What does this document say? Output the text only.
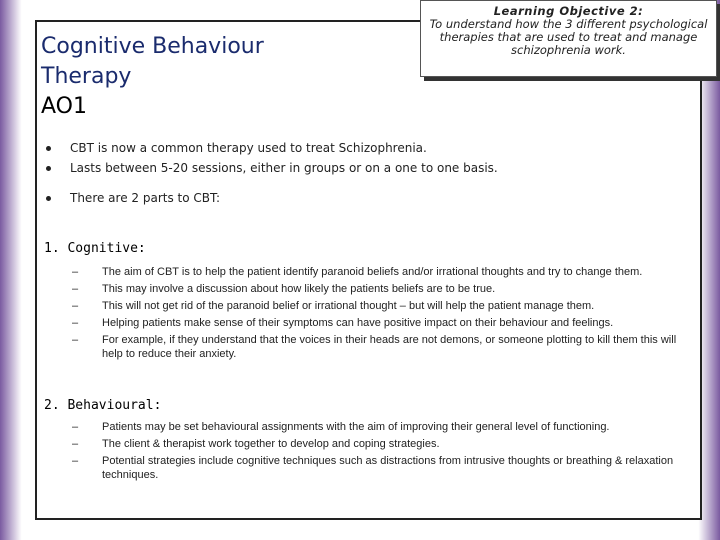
Cognitive Behaviour
Therapy
AO1
Learning Objective 2:
To understand how the 3 different psychological therapies that are used to treat and manage schizophrenia work.
CBT is now a common therapy used to treat Schizophrenia.
Lasts between 5-20 sessions, either in groups or on a one to one basis.
There are 2 parts to CBT:
1. Cognitive:
– The aim of CBT is to help the patient identify paranoid beliefs and/or irrational thoughts and try to change them.
– This may involve a discussion about how likely the patients beliefs are to be true.
– This will not get rid of the paranoid belief or irrational thought – but will help the patient manage them.
– Helping patients make sense of their symptoms can have positive impact on their behaviour and feelings.
– For example, if they understand that the voices in their heads are not demons, or someone plotting to kill them this will help to reduce their anxiety.
2. Behavioural:
– Patients may be set behavioural assignments with the aim of improving their general level of functioning.
– The client & therapist work together to develop and coping strategies.
– Potential strategies include cognitive techniques such as distractions from intrusive thoughts or breathing & relaxation techniques.
